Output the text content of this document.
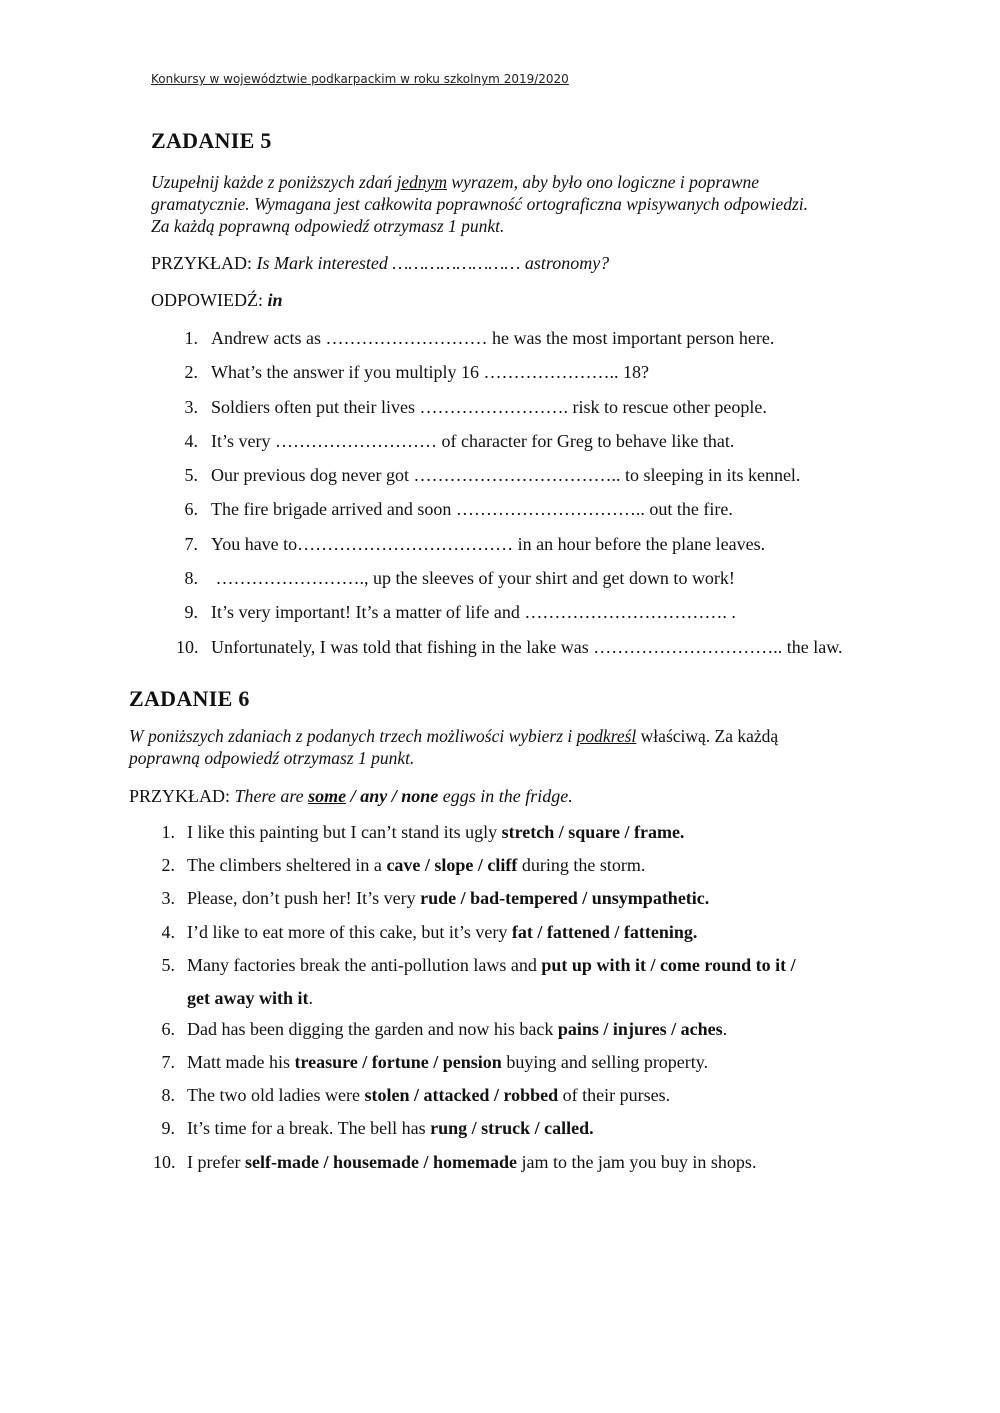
Konkursy w województwie podkarpackim w roku szkolnym 2019/2020
ZADANIE 5
Uzupełnij każde z poniższych zdań jednym wyrazem, aby było ono logiczne i poprawne
gramatycznie. Wymagana jest całkowita poprawność ortograficzna wpisywanych odpowiedzi.
Za każdą poprawną odpowiedź otrzymasz 1 punkt.
PRZYKŁAD: Is Mark interested …………………… astronomy?
ODPOWIEDŹ: in
1. Andrew acts as ……………………… he was the most important person here.
2. What’s the answer if you multiply 16 ………………….. 18?
3. Soldiers often put their lives ……………………. risk to rescue other people.
4. It’s very ……………………… of character for Greg to behave like that.
5. Our previous dog never got …………………………….. to sleeping in its kennel.
6. The fire brigade arrived and soon ………………………….. out the fire.
7. You have to……………………………… in an hour before the plane leaves.
8. ……………………., up the sleeves of your shirt and get down to work!
9. It’s very important! It’s a matter of life and ……………………………. .
10. Unfortunately, I was told that fishing in the lake was ………………………….. the law.
ZADANIE 6
W poniższych zdaniach z podanych trzech możliwości wybierz i podkreśl właściwą. Za każdą
poprawną odpowiedź otrzymasz 1 punkt.
PRZYKŁAD: There are some / any / none eggs in the fridge.
1. I like this painting but I can’t stand its ugly stretch / square / frame.
2. The climbers sheltered in a cave / slope / cliff during the storm.
3. Please, don’t push her! It’s very rude / bad-tempered / unsympathetic.
4. I’d like to eat more of this cake, but it’s very fat / fattened / fattening.
5. Many factories break the anti-pollution laws and put up with it / come round to it /
get away with it.
6. Dad has been digging the garden and now his back pains / injures / aches.
7. Matt made his treasure / fortune / pension buying and selling property.
8. The two old ladies were stolen / attacked / robbed of their purses.
9. It’s time for a break. The bell has rung / struck / called.
10. I prefer self-made / housemade / homemade jam to the jam you buy in shops.
